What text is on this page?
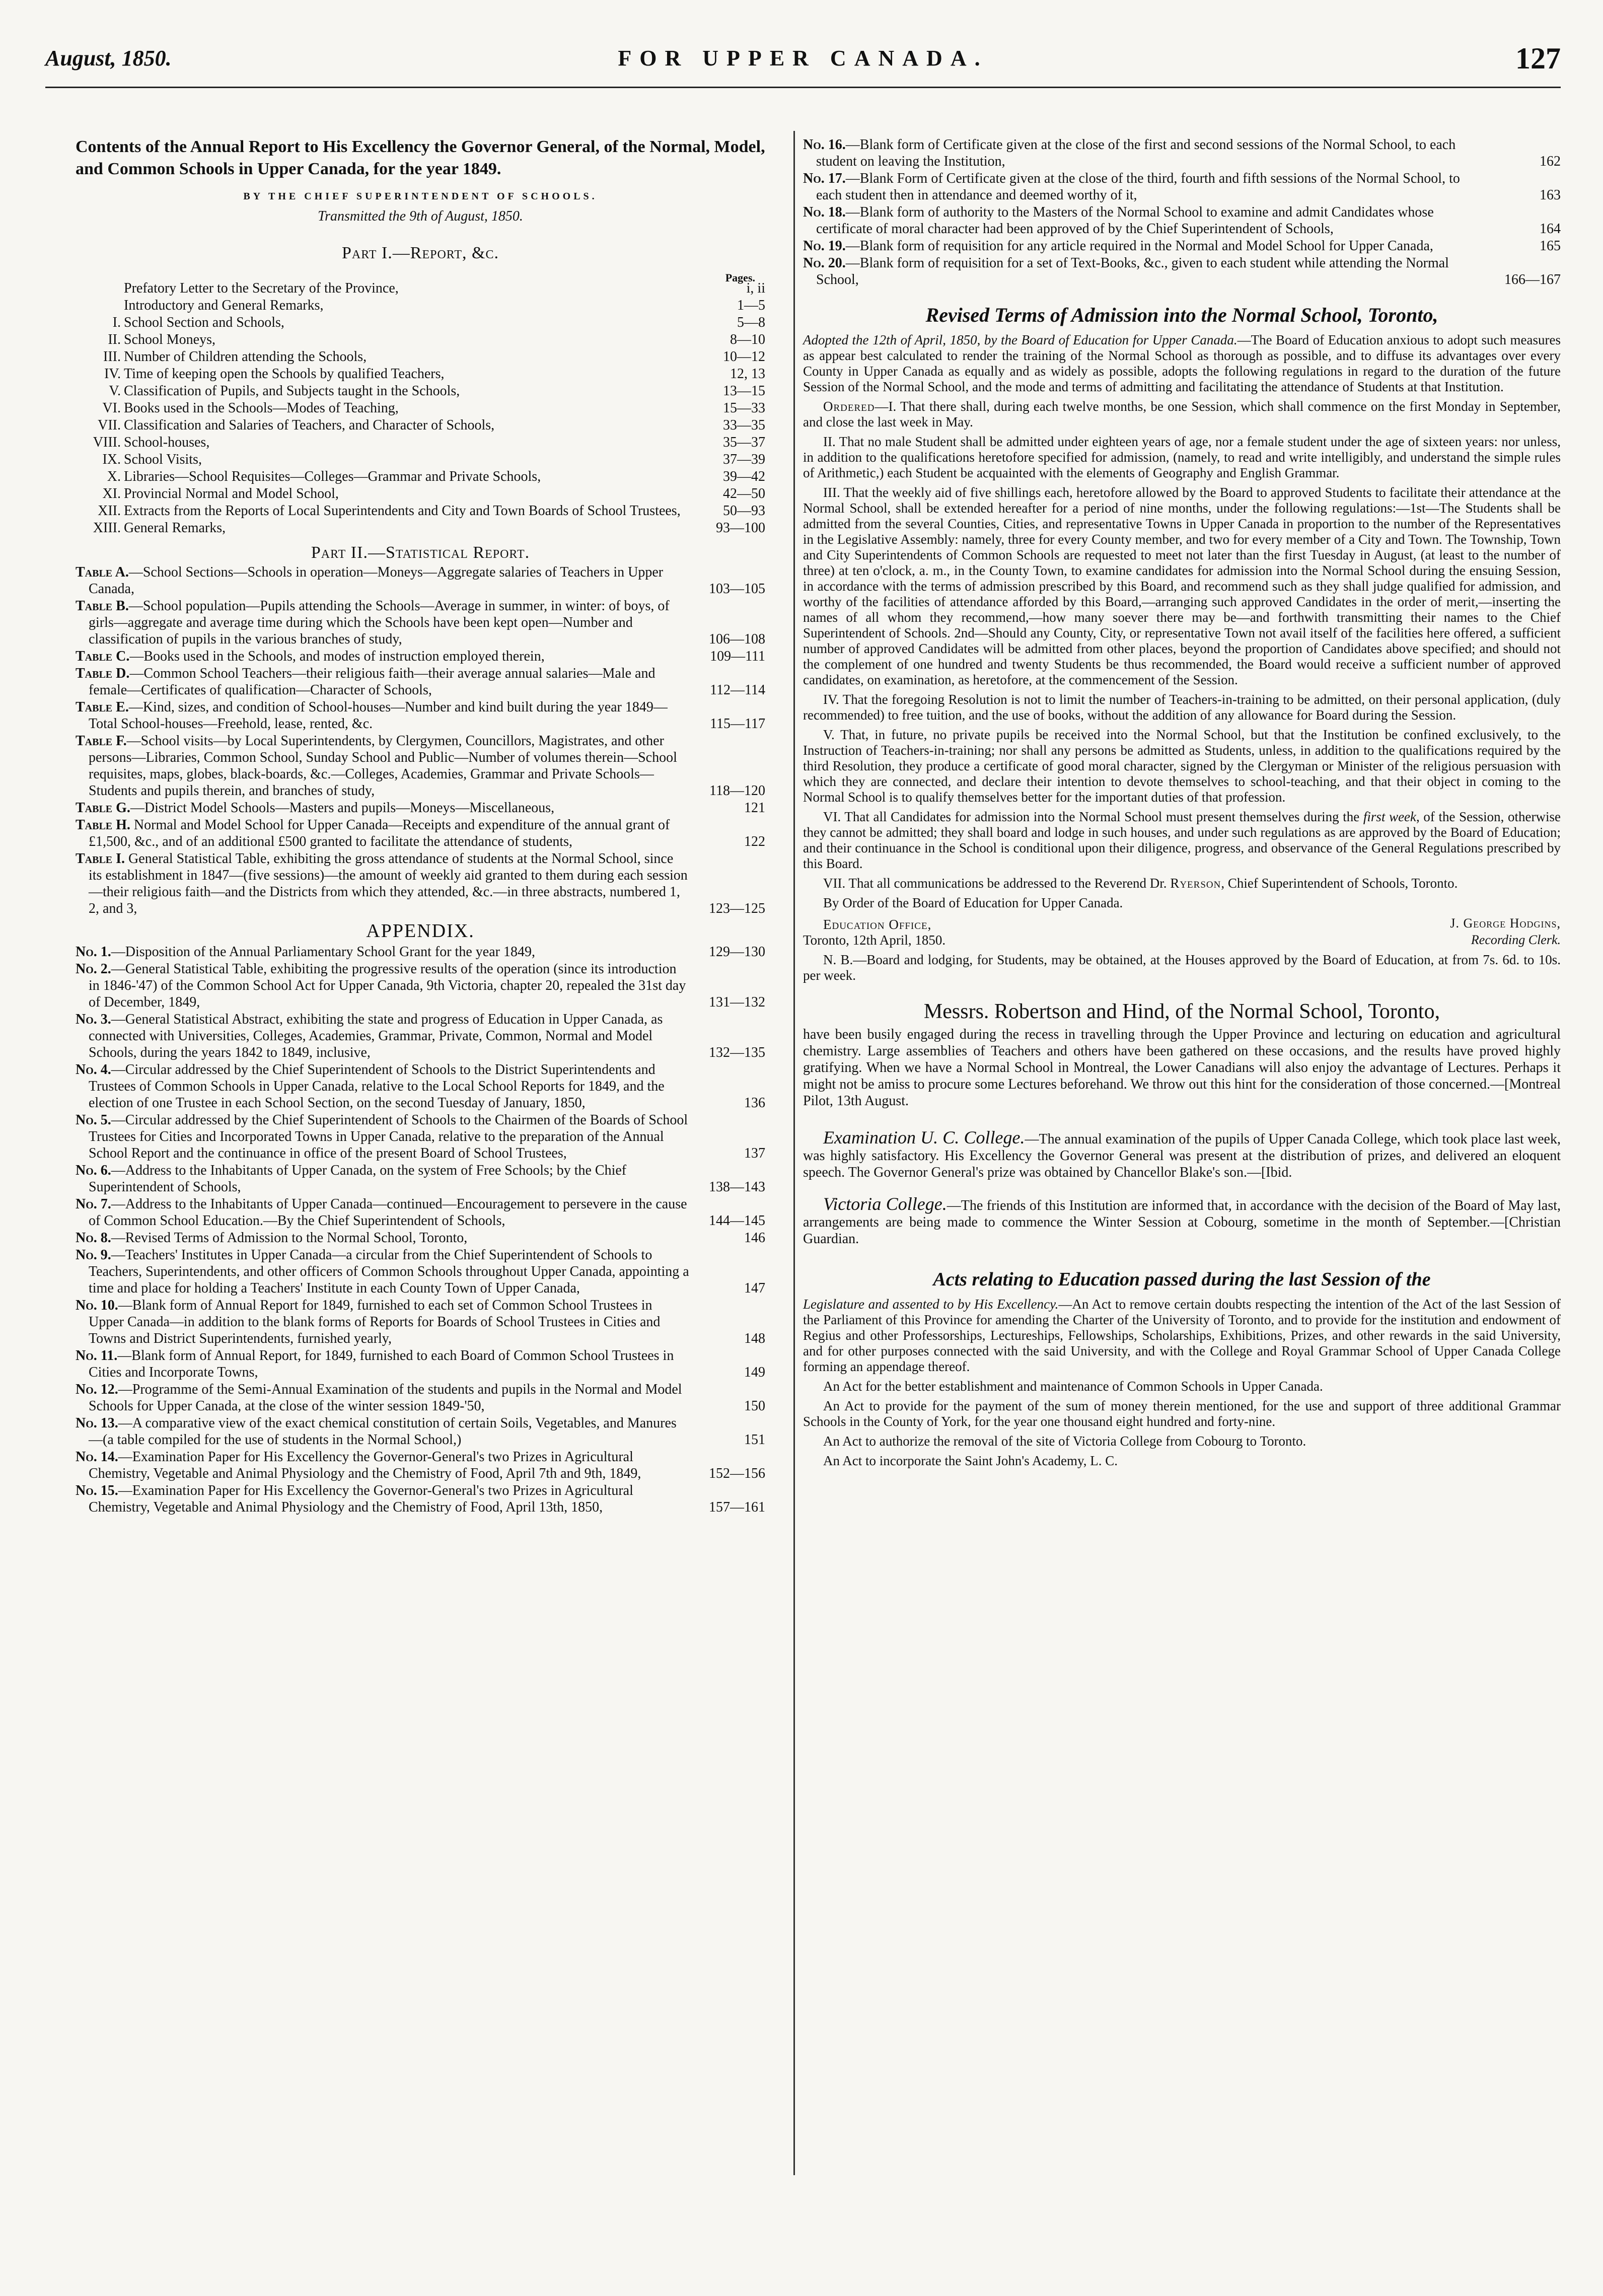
August, 1850.	FOR UPPER CANADA.	127
Contents of the Annual Report to His Excellency the Governor General, of the Normal, Model, and Common Schools in Upper Canada, for the year 1849.
BY THE CHIEF SUPERINTENDENT OF SCHOOLS.
Transmitted the 9th of August, 1850.
Part I.—Report, &c.
Pages.
Prefatory Letter to the Secretary of the Province,	i, ii
Introductory and General Remarks,	1—5
I. School Section and Schools,	5—8
II. School Moneys,	8—10
III. Number of Children attending the Schools,	10—12
IV. Time of keeping open the Schools by qualified Teachers,	12, 13
V. Classification of Pupils, and Subjects taught in the Schools,	13—15
VI. Books used in the Schools—Modes of Teaching,	15—33
VII. Classification and Salaries of Teachers, and Character of Schools,	33—35
VIII. School-houses,	35—37
IX. School Visits,	37—39
X. Libraries—School Requisites—Colleges—Grammar and Private Schools,	39—42
XI. Provincial Normal and Model School,	42—50
XII. Extracts from the Reports of Local Superintendents and City and Town Boards of School Trustees,	50—93
XIII. General Remarks,	93—100
Part II.—Statistical Report.
Table A.—School Sections—Schools in operation—Moneys—Aggregate salaries of Teachers in Upper Canada,	103—105
Table B.—School population—Pupils attending the Schools—Average in summer, in winter: of boys, of girls—aggregate and average time during which the Schools have been kept open—Number and classification of pupils in the various branches of study,	106—108
Table C.—Books used in the Schools, and modes of instruction employed therein,	109—111
Table D.—Common School Teachers—their religious faith—their average annual salaries—Male and female—Certificates of qualification—Character of Schools,	112—114
Table E.—Kind, sizes, and condition of School-houses—Number and kind built during the year 1849—Total School-houses—Freehold, lease, rented, &c.	115—117
Table F.—School visits—by Local Superintendents, by Clergymen, Councillors, Magistrates, and other persons—Libraries, Common School, Sunday School and Public—Number of volumes therein—School requisites, maps, globes, black-boards, &c.—Colleges, Academies, Grammar and Private Schools—Students and pupils therein, and branches of study,	118—120
Table G.—District Model Schools—Masters and pupils—Moneys—Miscellaneous,	121
Table H. Normal and Model School for Upper Canada—Receipts and expenditure of the annual grant of £1,500, &c., and of an additional £500 granted to facilitate the attendance of students,	122
Table I. General Statistical Table, exhibiting the gross attendance of students at the Normal School, since its establishment in 1847—(five sessions)—the amount of weekly aid granted to them during each session—their religious faith—and the Districts from which they attended, &c.—in three abstracts, numbered 1, 2, and 3,	123—125
APPENDIX.
No. 1.—Disposition of the Annual Parliamentary School Grant for the year 1849,	129—130
No. 2.—General Statistical Table, exhibiting the progressive results of the operation (since its introduction in 1846-'47) of the Common School Act for Upper Canada, 9th Victoria, chapter 20, repealed the 31st day of December, 1849,	131—132
No. 3.—General Statistical Abstract, exhibiting the state and progress of Education in Upper Canada, as connected with Universities, Colleges, Academies, Grammar, Private, Common, Normal and Model Schools, during the years 1842 to 1849, inclusive,	132—135
No. 4.—Circular addressed by the Chief Superintendent of Schools to the District Superintendents and Trustees of Common Schools in Upper Canada, relative to the Local School Reports for 1849, and the election of one Trustee in each School Section, on the second Tuesday of January, 1850,	136
No. 5.—Circular addressed by the Chief Superintendent of Schools to the Chairmen of the Boards of School Trustees for Cities and Incorporated Towns in Upper Canada, relative to the preparation of the Annual School Report and the continuance in office of the present Board of School Trustees,	137
No. 6.—Address to the Inhabitants of Upper Canada, on the system of Free Schools; by the Chief Superintendent of Schools,	138—143
No. 7.—Address to the Inhabitants of Upper Canada—continued—Encouragement to persevere in the cause of Common School Education.—By the Chief Superintendent of Schools,	144—145
No. 8.—Revised Terms of Admission to the Normal School, Toronto,	146
No. 9.—Teachers' Institutes in Upper Canada—a circular from the Chief Superintendent of Schools to Teachers, Superintendents, and other officers of Common Schools throughout Upper Canada, appointing a time and place for holding a Teachers' Institute in each County Town of Upper Canada,	147
No. 10.—Blank form of Annual Report for 1849, furnished to each set of Common School Trustees in Upper Canada—in addition to the blank forms of Reports for Boards of School Trustees in Cities and Towns and District Superintendents, furnished yearly,	148
No. 11.—Blank form of Annual Report, for 1849, furnished to each Board of Common School Trustees in Cities and Incorporate Towns,	149
No. 12.—Programme of the Semi-Annual Examination of the students and pupils in the Normal and Model Schools for Upper Canada, at the close of the winter session 1849-'50,	150
No. 13.—A comparative view of the exact chemical constitution of certain Soils, Vegetables, and Manures—(a table compiled for the use of students in the Normal School,)	151
No. 14.—Examination Paper for His Excellency the Governor-General's two Prizes in Agricultural Chemistry, Vegetable and Animal Physiology and the Chemistry of Food, April 7th and 9th, 1849,	152—156
No. 15.—Examination Paper for His Excellency the Governor-General's two Prizes in Agricultural Chemistry, Vegetable and Animal Physiology and the Chemistry of Food, April 13th, 1850,	157—161
No. 16.—Blank form of Certificate given at the close of the first and second sessions of the Normal School, to each student on leaving the Institution,	162
No. 17.—Blank Form of Certificate given at the close of the third, fourth and fifth sessions of the Normal School, to each student then in attendance and deemed worthy of it,	163
No. 18.—Blank form of authority to the Masters of the Normal School to examine and admit Candidates whose certificate of moral character had been approved of by the Chief Superintendent of Schools,	164
No. 19.—Blank form of requisition for any article required in the Normal and Model School for Upper Canada,	165
No. 20.—Blank form of requisition for a set of Text-Books, &c., given to each student while attending the Normal School,	166—167
Revised Terms of Admission into the Normal School, Toronto,

Adopted the 12th of April, 1850, by the Board of Education for Upper Canada.—The Board of Education anxious to adopt such measures as appear best calculated to render the training of the Normal School as thorough as possible, and to diffuse its advantages over every County in Upper Canada as equally and as widely as possible, adopts the following regulations in regard to the duration of the future Session of the Normal School, and the mode and terms of admitting and facilitating the attendance of Students at that Institution.

Ordered—I. That there shall, during each twelve months, be one Session, which shall commence on the first Monday in September, and close the last week in May.

II. That no male Student shall be admitted under eighteen years of age, nor a female student under the age of sixteen years: nor unless, in addition to the qualifications heretofore specified for admission, (namely, to read and write intelligibly, and understand the simple rules of Arithmetic,) each Student be acquainted with the elements of Geography and English Grammar.

III. That the weekly aid of five shillings each, heretofore allowed by the Board to approved Students to facilitate their attendance at the Normal School, shall be extended hereafter for a period of nine months, under the following regulations:—1st—The Students shall be admitted from the several Counties, Cities, and representative Towns in Upper Canada in proportion to the number of the Representatives in the Legislative Assembly: namely, three for every County member, and two for every member of a City and Town. The Township, Town and City Superintendents of Common Schools are requested to meet not later than the first Tuesday in August, (at least to the number of three) at ten o'clock, a. m., in the County Town, to examine candidates for admission into the Normal School during the ensuing Session, in accordance with the terms of admission prescribed by this Board, and recommend such as they shall judge qualified for admission, and worthy of the facilities of attendance afforded by this Board,—arranging such approved Candidates in the order of merit,—inserting the names of all whom they recommend,—how many soever there may be—and forthwith transmitting their names to the Chief Superintendent of Schools. 2nd—Should any County, City, or representative Town not avail itself of the facilities here offered, a sufficient number of approved Candidates will be admitted from other places, beyond the proportion of Candidates above specified; and should not the complement of one hundred and twenty Students be thus recommended, the Board would receive a sufficient number of approved candidates, on examination, as heretofore, at the commencement of the Session.

IV. That the foregoing Resolution is not to limit the number of Teachers-in-training to be admitted, on their personal application, (duly recommended) to free tuition, and the use of books, without the addition of any allowance for Board during the Session.

V. That, in future, no private pupils be received into the Normal School, but that the Institution be confined exclusively, to the Instruction of Teachers-in-training; nor shall any persons be admitted as Students, unless, in addition to the qualifications required by the third Resolution, they produce a certificate of good moral character, signed by the Clergyman or Minister of the religious persuasion with which they are connected, and declare their intention to devote themselves to school-teaching, and that their object in coming to the Normal School is to qualify themselves better for the important duties of that profession.

VI. That all Candidates for admission into the Normal School must present themselves during the first week, of the Session, otherwise they cannot be admitted; they shall board and lodge in such houses, and under such regulations as are approved by the Board of Education; and their continuance in the School is conditional upon their diligence, progress, and observance of the General Regulations prescribed by this Board.

VII. That all communications be addressed to the Reverend Dr. Ryerson, Chief Superintendent of Schools, Toronto.

By Order of the Board of Education for Upper Canada.

J. George Hodgins,
Recording Clerk.
Education Office,
Toronto, 12th April, 1850.

N. B.—Board and lodging, for Students, may be obtained, at the Houses approved by the Board of Education, at from 7s. 6d. to 10s. per week.

Messrs. Robertson and Hind, of the Normal School, Toronto,

have been busily engaged during the recess in travelling through the Upper Province and lecturing on education and agricultural chemistry. Large assemblies of Teachers and others have been gathered on these occasions, and the results have proved highly gratifying. When we have a Normal School in Montreal, the Lower Canadians will also enjoy the advantage of Lectures. Perhaps it might not be amiss to procure some Lectures beforehand. We throw out this hint for the consideration of those concerned.—[Montreal Pilot, 13th August.

Examination U. C. College.—The annual examination of the pupils of Upper Canada College, which took place last week, was highly satisfactory. His Excellency the Governor General was present at the distribution of prizes, and delivered an eloquent speech. The Governor General's prize was obtained by Chancellor Blake's son.—[Ibid.

Victoria College.—The friends of this Institution are informed that, in accordance with the decision of the Board of May last, arrangements are being made to commence the Winter Session at Cobourg, sometime in the month of September.—[Christian Guardian.

Acts relating to Education passed during the last Session of the

Legislature and assented to by His Excellency.—An Act to remove certain doubts respecting the intention of the Act of the last Session of the Parliament of this Province for amending the Charter of the University of Toronto, and to provide for the institution and endowment of Regius and other Professorships, Lectureships, Fellowships, Scholarships, Exhibitions, Prizes, and other rewards in the said University, and for other purposes connected with the said University, and with the College and Royal Grammar School of Upper Canada College forming an appendage thereof.

An Act for the better establishment and maintenance of Common Schools in Upper Canada.

An Act to provide for the payment of the sum of money therein mentioned, for the use and support of three additional Grammar Schools in the County of York, for the year one thousand eight hundred and forty-nine.

An Act to authorize the removal of the site of Victoria College from Cobourg to Toronto.

An Act to incorporate the Saint John's Academy, L. C.
